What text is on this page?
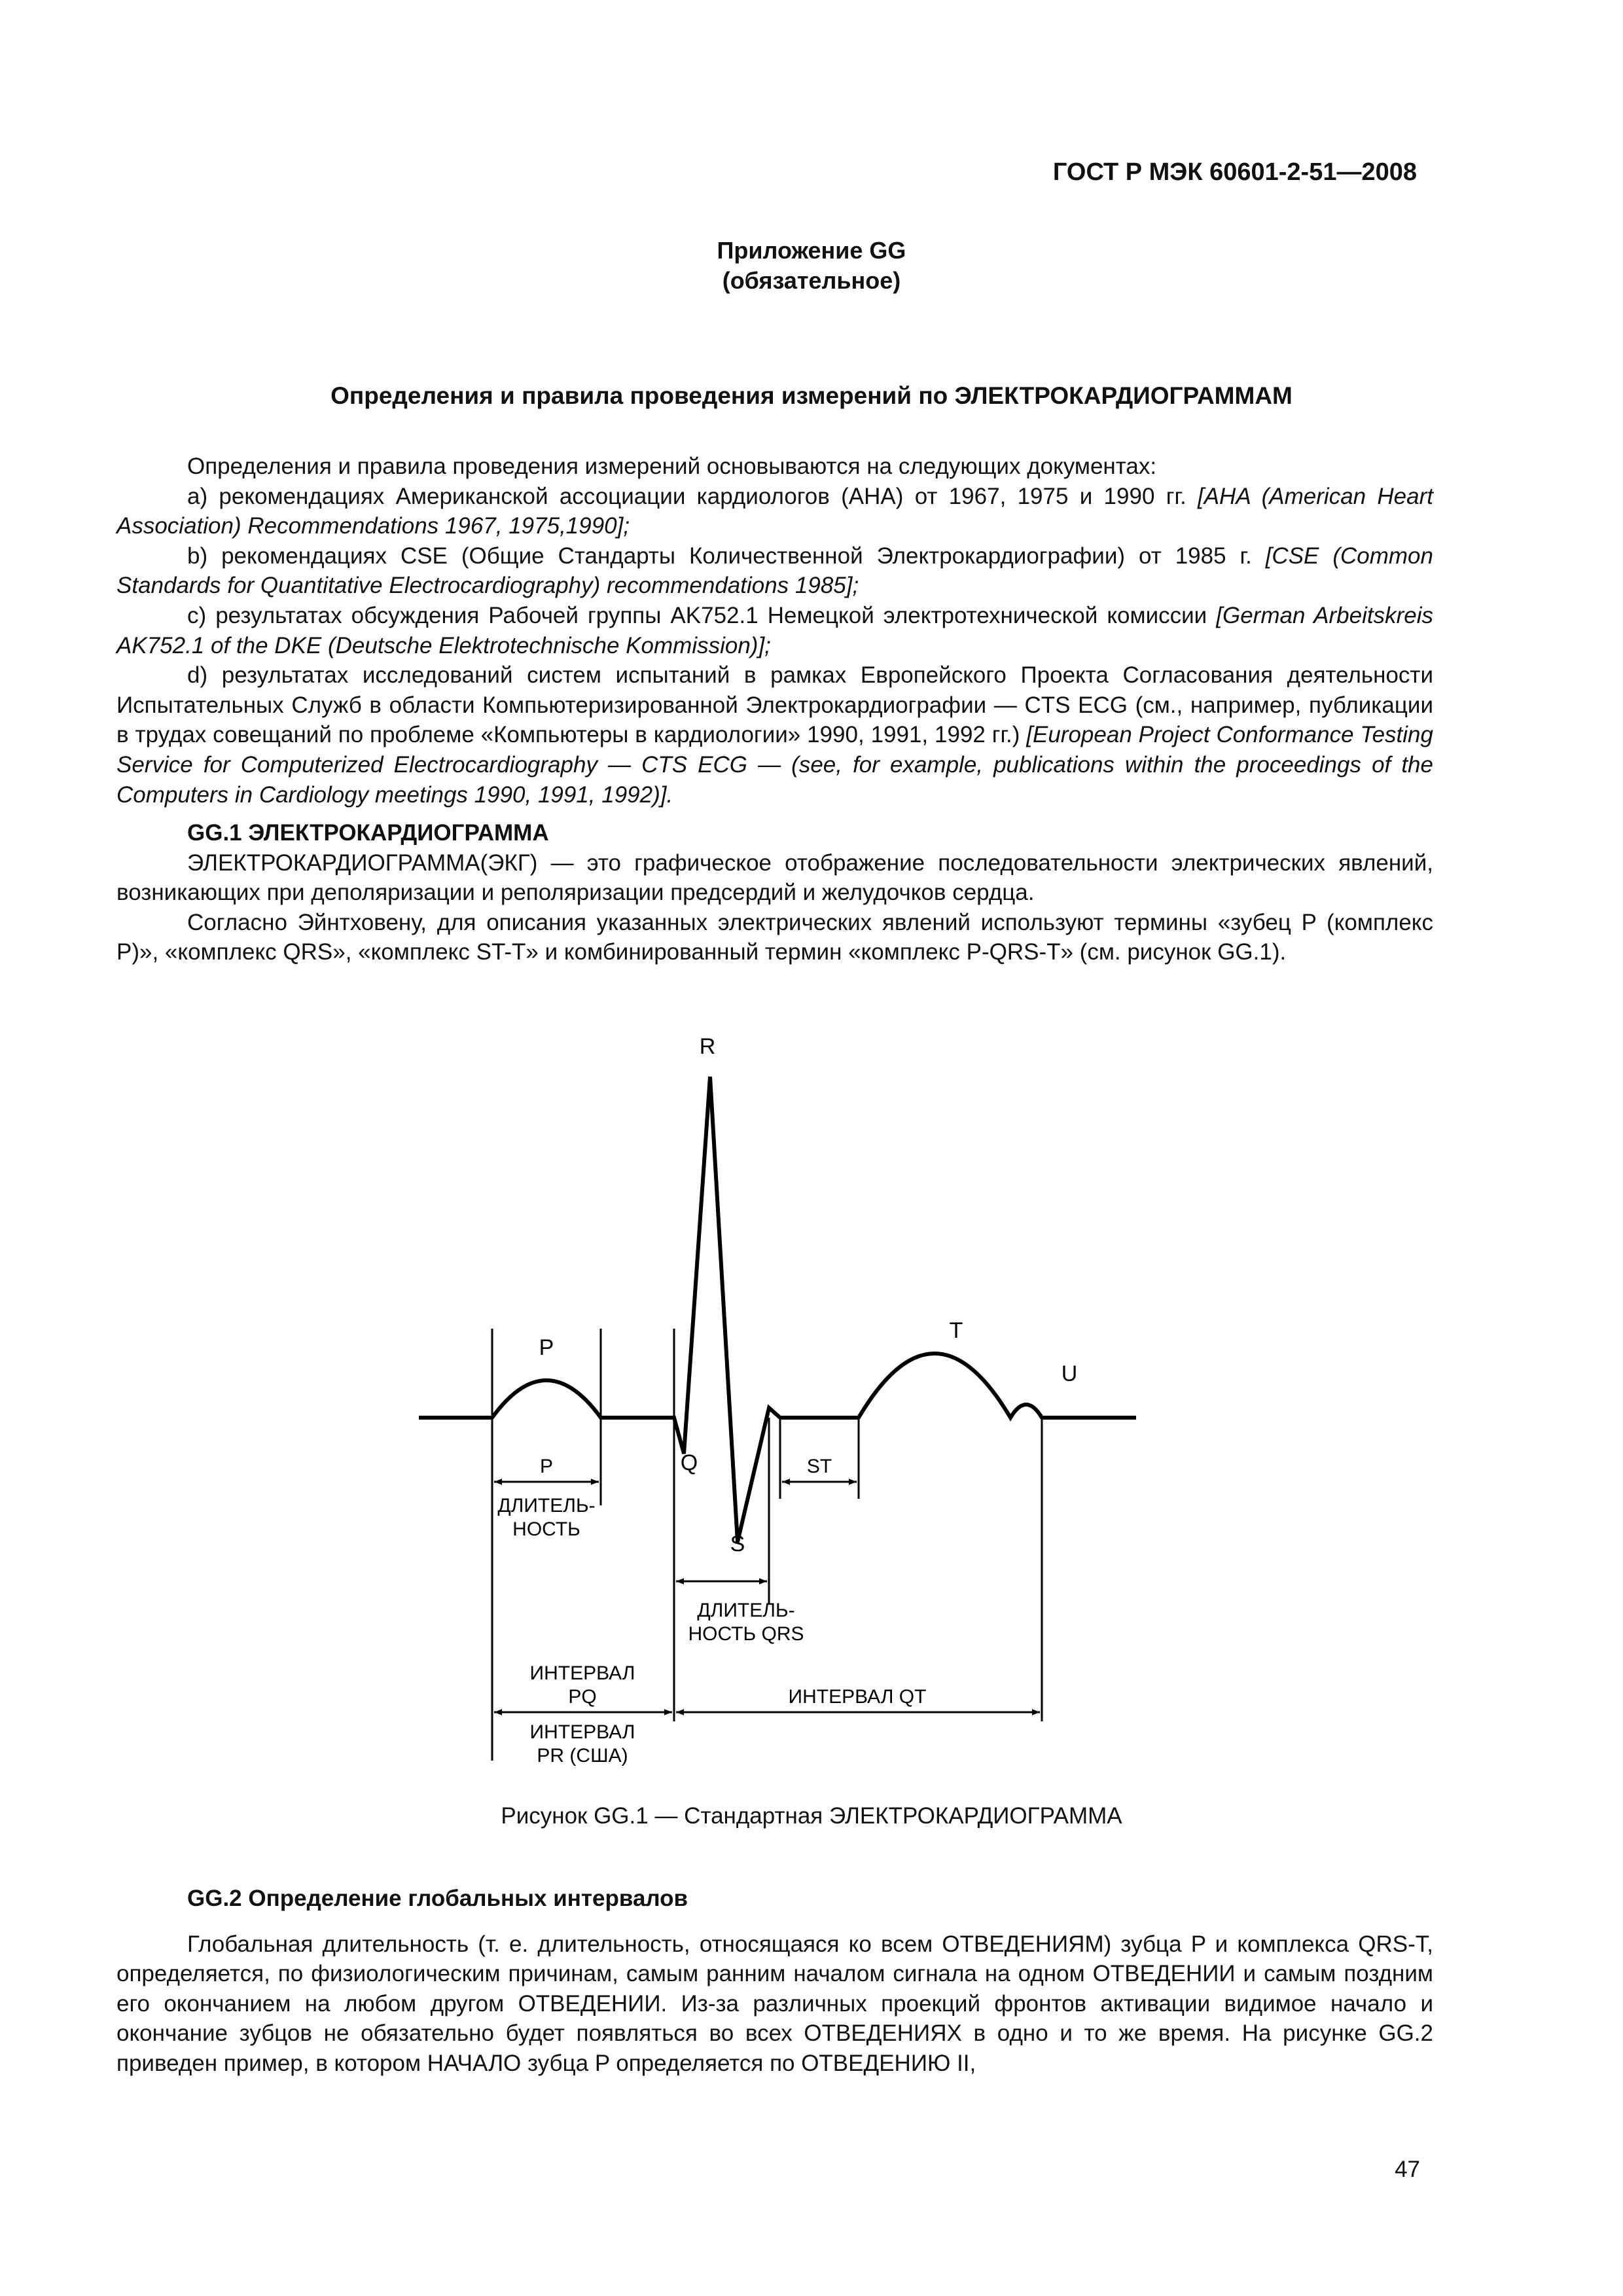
ГОСТ Р МЭК 60601-2-51—2008
Приложение GG
(обязательное)
Определения и правила проведения измерений по ЭЛЕКТРОКАРДИОГРАММАМ

Определения и правила проведения измерений основываются на следующих документах:

a) рекомендациях Американской ассоциации кардиологов (АНА) от 1967, 1975 и 1990 гг. [AHA (American Heart Association) Recommendations 1967, 1975,1990];

b) рекомендациях CSE (Общие Стандарты Количественной Электрокардиографии) от 1985 г. [CSE (Common Standards for Quantitative Electrocardiography) recommendations 1985];

c) результатах обсуждения Рабочей группы AK752.1 Немецкой электротехнической комиссии [German Arbeitskreis AK752.1 of the DKE (Deutsche Elektrotechnische Kommission)];

d) результатах исследований систем испытаний в рамках Европейского Проекта Согласования деятельности Испытательных Служб в области Компьютеризированной Электрокардиографии — CTS ECG (см., например, публикации в трудах совещаний по проблеме «Компьютеры в кардиологии» 1990, 1991, 1992 гг.) [European Project Conformance Testing Service for Computerized Electrocardiography — CTS ECG — (see, for example, publications within the proceedings of the Computers in Cardiology meetings 1990, 1991, 1992)].

GG.1 ЭЛЕКТРОКАРДИОГРАММА

ЭЛЕКТРОКАРДИОГРАММА(ЭКГ) — это графическое отображение последовательности электрических явлений, возникающих при деполяризации и реполяризации предсердий и желудочков сердца.

Согласно Эйнтховену, для описания указанных электрических явлений используют термины «зубец P (комплекс P)», «комплекс QRS», «комплекс ST-T» и комбинированный термин «комплекс P-QRS-T» (см. рисунок GG.1).

R
P
Q
S
T
U
P
ДЛИТЕЛЬ-
НОСТЬ
ST
ДЛИТЕЛЬ-
НОСТЬ QRS
ИНТЕРВАЛ
PQ
ИНТЕРВАЛ
PR (США)
ИНТЕРВАЛ QT
Рисунок GG.1 — Стандартная ЭЛЕКТРОКАРДИОГРАММА

GG.2 Определение глобальных интервалов

Глобальная длительность (т. е. длительность, относящаяся ко всем ОТВЕДЕНИЯМ) зубца P и комплекса QRS-T, определяется, по физиологическим причинам, самым ранним началом сигнала на одном ОТВЕДЕНИИ и самым поздним его окончанием на любом другом ОТВЕДЕНИИ. Из-за различных проекций фронтов активации видимое начало и окончание зубцов не обязательно будет появляться во всех ОТВЕДЕНИЯХ в одно и то же время. На рисунке GG.2 приведен пример, в котором НАЧАЛО зубца P определяется по ОТВЕДЕНИЮ II,

47
